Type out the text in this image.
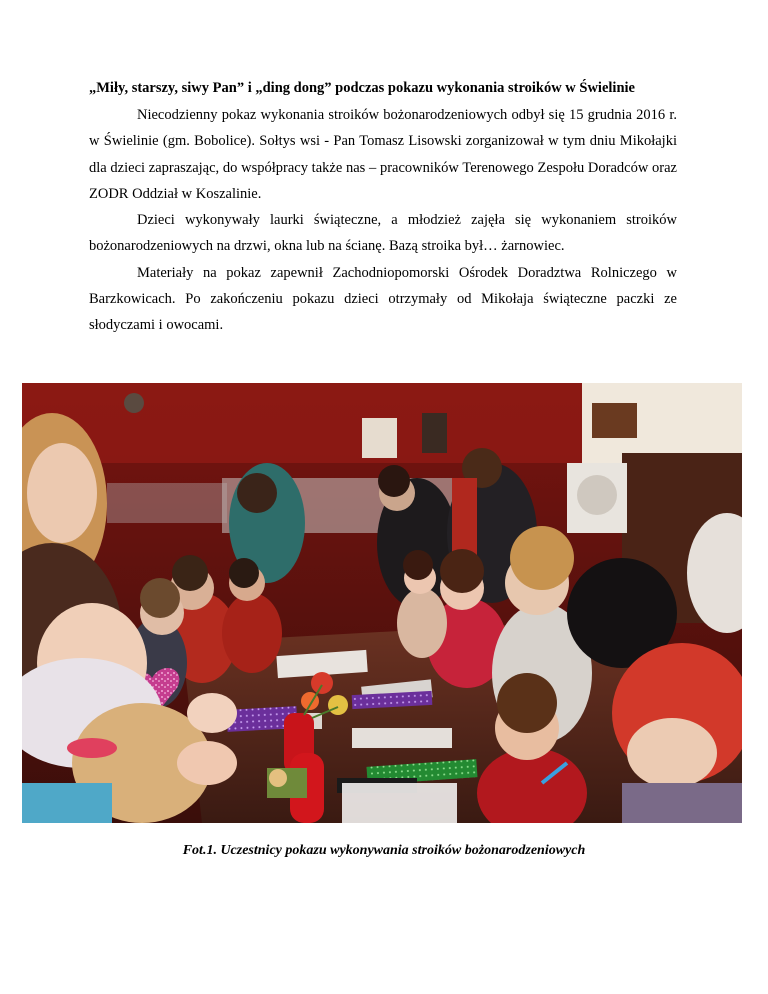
„Miły, starszy, siwy Pan” i „ding dong” podczas pokazu wykonania stroików w Świelinie

Niecodzienny pokaz wykonania stroików bożonarodzeniowych odbył się 15 grudnia 2016 r. w Świelinie (gm. Bobolice). Sołtys wsi - Pan Tomasz Lisowski zorganizował w tym dniu Mikołajki dla dzieci zapraszając, do współpracy także nas – pracowników Terenowego Zespołu Doradców oraz ZODR Oddział w Koszalinie.

Dzieci wykonywały laurki świąteczne, a młodzież zajęła się wykonaniem stroików bożonarodzeniowych na drzwi, okna lub na ścianę. Bazą stroika był… żarnowiec.

Materiały na pokaz zapewnił Zachodniopomorski Ośrodek Doradztwa Rolniczego w Barzkowicach. Po zakończeniu pokazu dzieci otrzymały od Mikołaja świąteczne paczki ze słodyczami i owocami.

Fot.1. Uczestnicy pokazu wykonywania stroików bożonarodzeniowych
